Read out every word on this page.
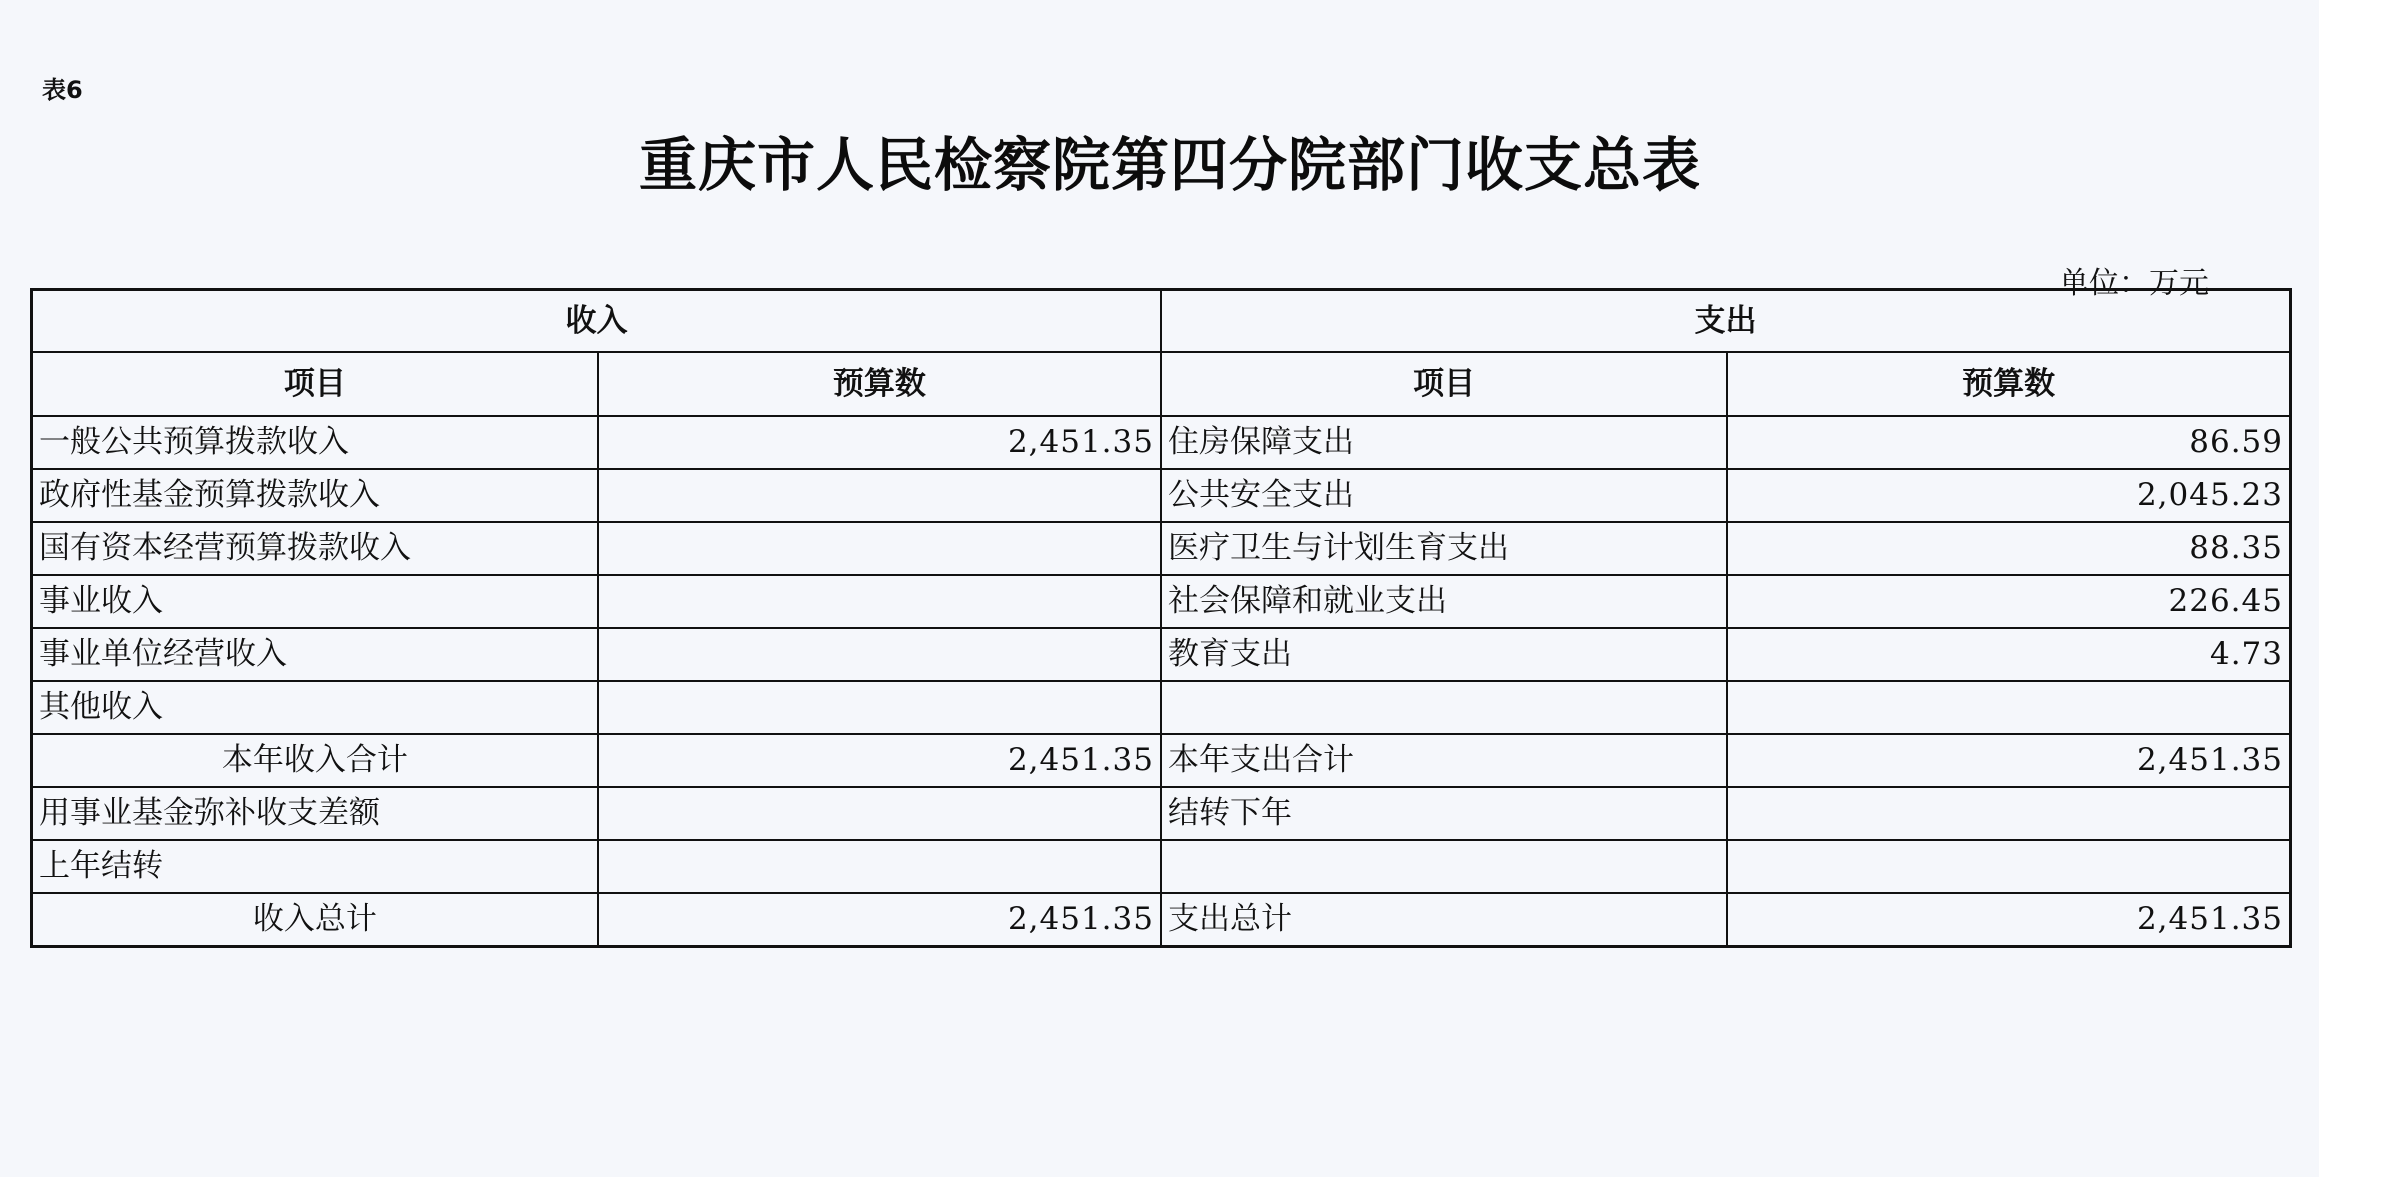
表6
重庆市人民检察院第四分院部门收支总表
单位：万元
收入		支出	
项目	预算数	项目	预算数
一般公共预算拨款收入	2,451.35	住房保障支出	86.59
政府性基金预算拨款收入		公共安全支出	2,045.23
国有资本经营预算拨款收入		医疗卫生与计划生育支出	88.35
事业收入		社会保障和就业支出	226.45
事业单位经营收入		教育支出	4.73
其他收入			
本年收入合计	2,451.35	本年支出合计	2,451.35
用事业基金弥补收支差额		结转下年	
上年结转			
收入总计	2,451.35	支出总计	2,451.35
